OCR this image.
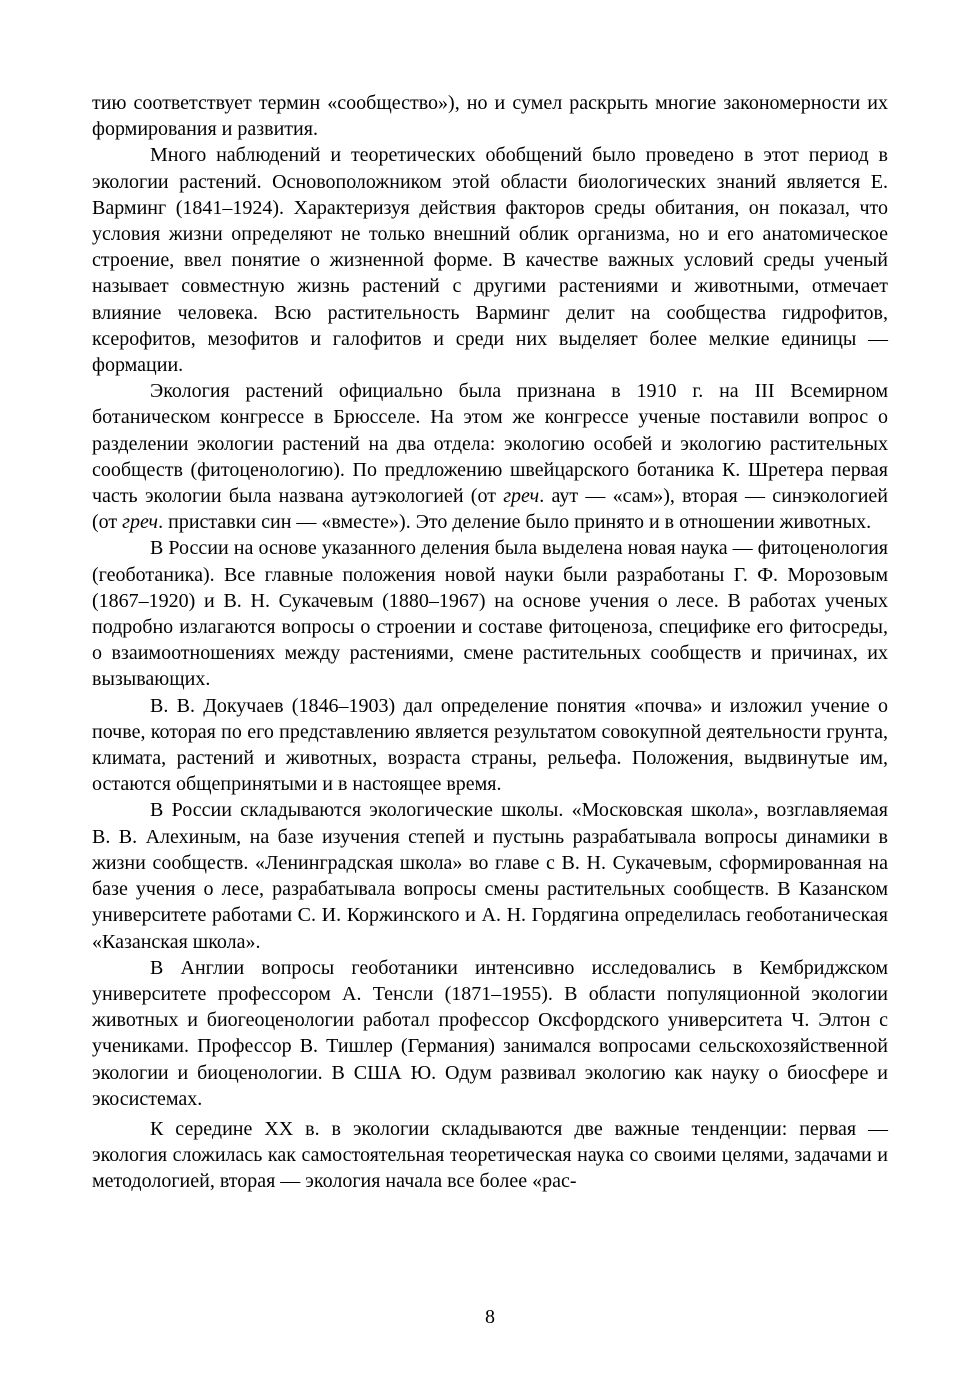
тию соответствует термин «сообщество»), но и сумел раскрыть многие закономерности их формирования и развития.

Много наблюдений и теоретических обобщений было проведено в этот период в экологии растений. Основоположником этой области биологических знаний является Е. Варминг (1841–1924). Характеризуя действия факторов среды обитания, он показал, что условия жизни определяют не только внешний облик организма, но и его анатомическое строение, ввел понятие о жизненной форме. В качестве важных условий среды ученый называет совместную жизнь растений с другими растениями и животными, отмечает влияние человека. Всю растительность Варминг делит на сообщества гидрофитов, ксерофитов, мезофитов и галофитов и среди них выделяет более мелкие единицы — формации.

Экология растений официально была признана в 1910 г. на III Всемирном ботаническом конгрессе в Брюсселе. На этом же конгрессе ученые поставили вопрос о разделении экологии растений на два отдела: экологию особей и экологию растительных сообществ (фитоценологию). По предложению швейцарского ботаника К. Шретера первая часть экологии была названа аутэкологией (от греч. аут — «сам»), вторая — синэкологией (от греч. приставки син — «вместе»). Это деление было принято и в отношении животных.

В России на основе указанного деления была выделена новая наука — фитоценология (геоботаника). Все главные положения новой науки были разработаны Г. Ф. Морозовым (1867–1920) и В. Н. Сукачевым (1880–1967) на основе учения о лесе. В работах ученых подробно излагаются вопросы о строении и составе фитоценоза, специфике его фитосреды, о взаимоотношениях между растениями, смене растительных сообществ и причинах, их вызывающих.

В. В. Докучаев (1846–1903) дал определение понятия «почва» и изложил учение о почве, которая по его представлению является результатом совокупной деятельности грунта, климата, растений и животных, возраста страны, рельефа. Положения, выдвинутые им, остаются общепринятыми и в настоящее время.

В России складываются экологические школы. «Московская школа», возглавляемая В. В. Алехиным, на базе изучения степей и пустынь разрабатывала вопросы динамики в жизни сообществ. «Ленинградская школа» во главе с В. Н. Сукачевым, сформированная на базе учения о лесе, разрабатывала вопросы смены растительных сообществ. В Казанском университете работами С. И. Коржинского и А. Н. Гордягина определилась геоботаническая «Казанская школа».

В Англии вопросы геоботаники интенсивно исследовались в Кембриджском университете профессором А. Тенсли (1871–1955). В области популяционной экологии животных и биогеоценологии работал профессор Оксфордского университета Ч. Элтон с учениками. Профессор В. Тишлер (Германия) занимался вопросами сельскохозяйственной экологии и биоценологии. В США Ю. Одум развивал экологию как науку о биосфере и экосистемах.

К середине XX в. в экологии складываются две важные тенденции: первая — экология сложилась как самостоятельная теоретическая наука со своими целями, задачами и методологией, вторая — экология начала все более «рас-

8
